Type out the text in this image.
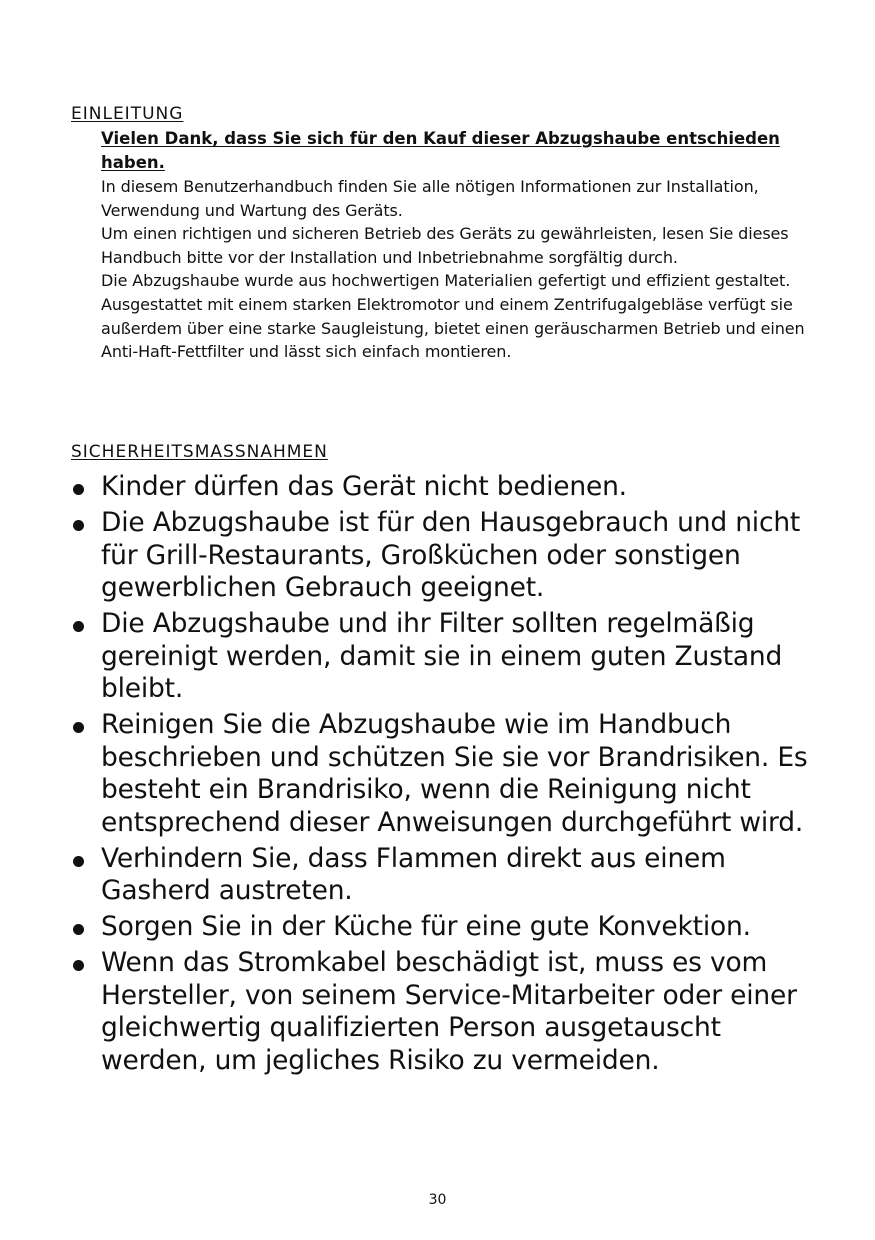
EINLEITUNG
Vielen Dank, dass Sie sich für den Kauf dieser Abzugshaube entschieden haben.
In diesem Benutzerhandbuch finden Sie alle nötigen Informationen zur Installation, Verwendung und Wartung des Geräts.
Um einen richtigen und sicheren Betrieb des Geräts zu gewährleisten, lesen Sie dieses Handbuch bitte vor der Installation und Inbetriebnahme sorgfältig durch.
Die Abzugshaube wurde aus hochwertigen Materialien gefertigt und effizient gestaltet. Ausgestattet mit einem starken Elektromotor und einem Zentrifugalgebläse verfügt sie außerdem über eine starke Saugleistung, bietet einen geräuscharmen Betrieb und einen Anti-Haft-Fettfilter und lässt sich einfach montieren.
SICHERHEITSMASSNAHMEN
Kinder dürfen das Gerät nicht bedienen.
Die Abzugshaube ist für den Hausgebrauch und nicht für Grill-Restaurants, Großküchen oder sonstigen gewerblichen Gebrauch geeignet.
Die Abzugshaube und ihr Filter sollten regelmäßig gereinigt werden, damit sie in einem guten Zustand bleibt.
Reinigen Sie die Abzugshaube wie im Handbuch beschrieben und schützen Sie sie vor Brandrisiken. Es besteht ein Brandrisiko, wenn die Reinigung nicht entsprechend dieser Anweisungen durchgeführt wird.
Verhindern Sie, dass Flammen direkt aus einem Gasherd austreten.
Sorgen Sie in der Küche für eine gute Konvektion.
Wenn das Stromkabel beschädigt ist, muss es vom Hersteller, von seinem Service-Mitarbeiter oder einer gleichwertig qualifizierten Person ausgetauscht werden, um jegliches Risiko zu vermeiden.
30
